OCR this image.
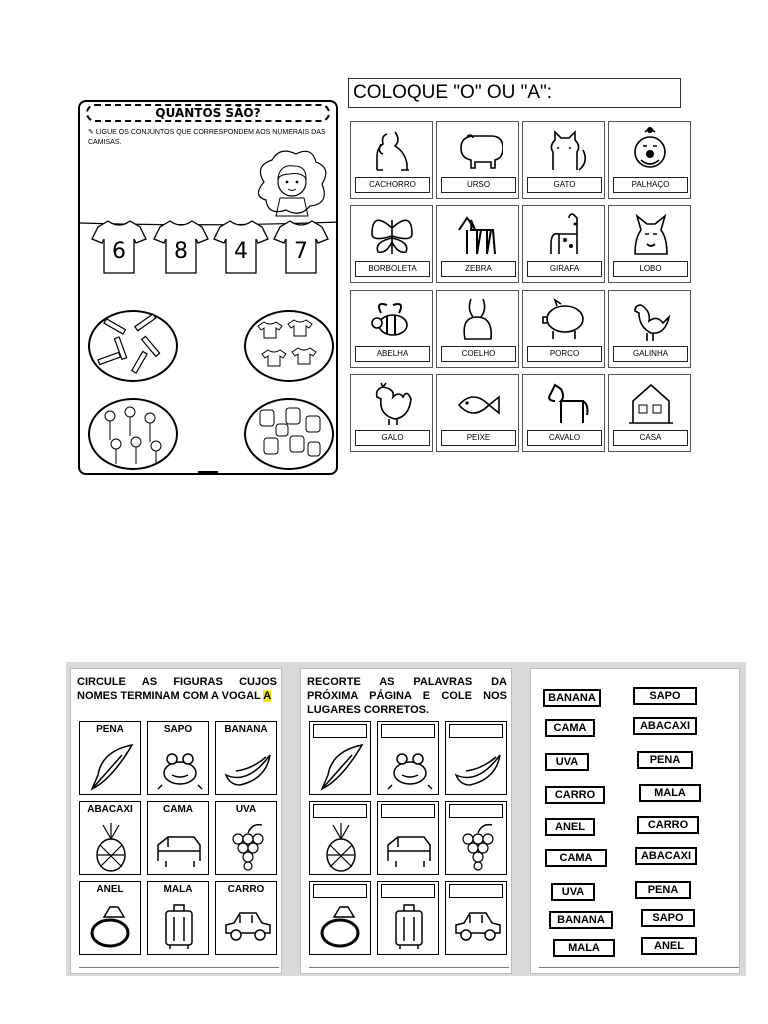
QUANTOS SÃO?
✎ LIGUE OS CONJUNTOS QUE CORRESPONDEM AOS NUMERAIS DAS CAMISAS.
6	8	4	7
COLOQUE "O" OU "A":
CACHORRO	URSO	GATO	PALHAÇO
BORBOLETA	ZEBRA	GIRAFA	LOBO
ABELHA	COELHO	PORCO	GALINHA
GALO	PEIXE	CAVALO	CASA
CIRCULE AS FIGURAS CUJOS NOMES TERMINAM COM A VOGAL A
PENA	SAPO	BANANA
ABACAXI	CAMA	UVA
ANEL	MALA	CARRO
RECORTE AS PALAVRAS DA PRÓXIMA PÁGINA E COLE NOS LUGARES CORRETOS.
BANANA
CAMA
UVA
CARRO
ANEL
CAMA
UVA
BANANA
MALA
SAPO
ABACAXI
PENA
MALA
CARRO
ABACAXI
PENA
SAPO
ANEL
